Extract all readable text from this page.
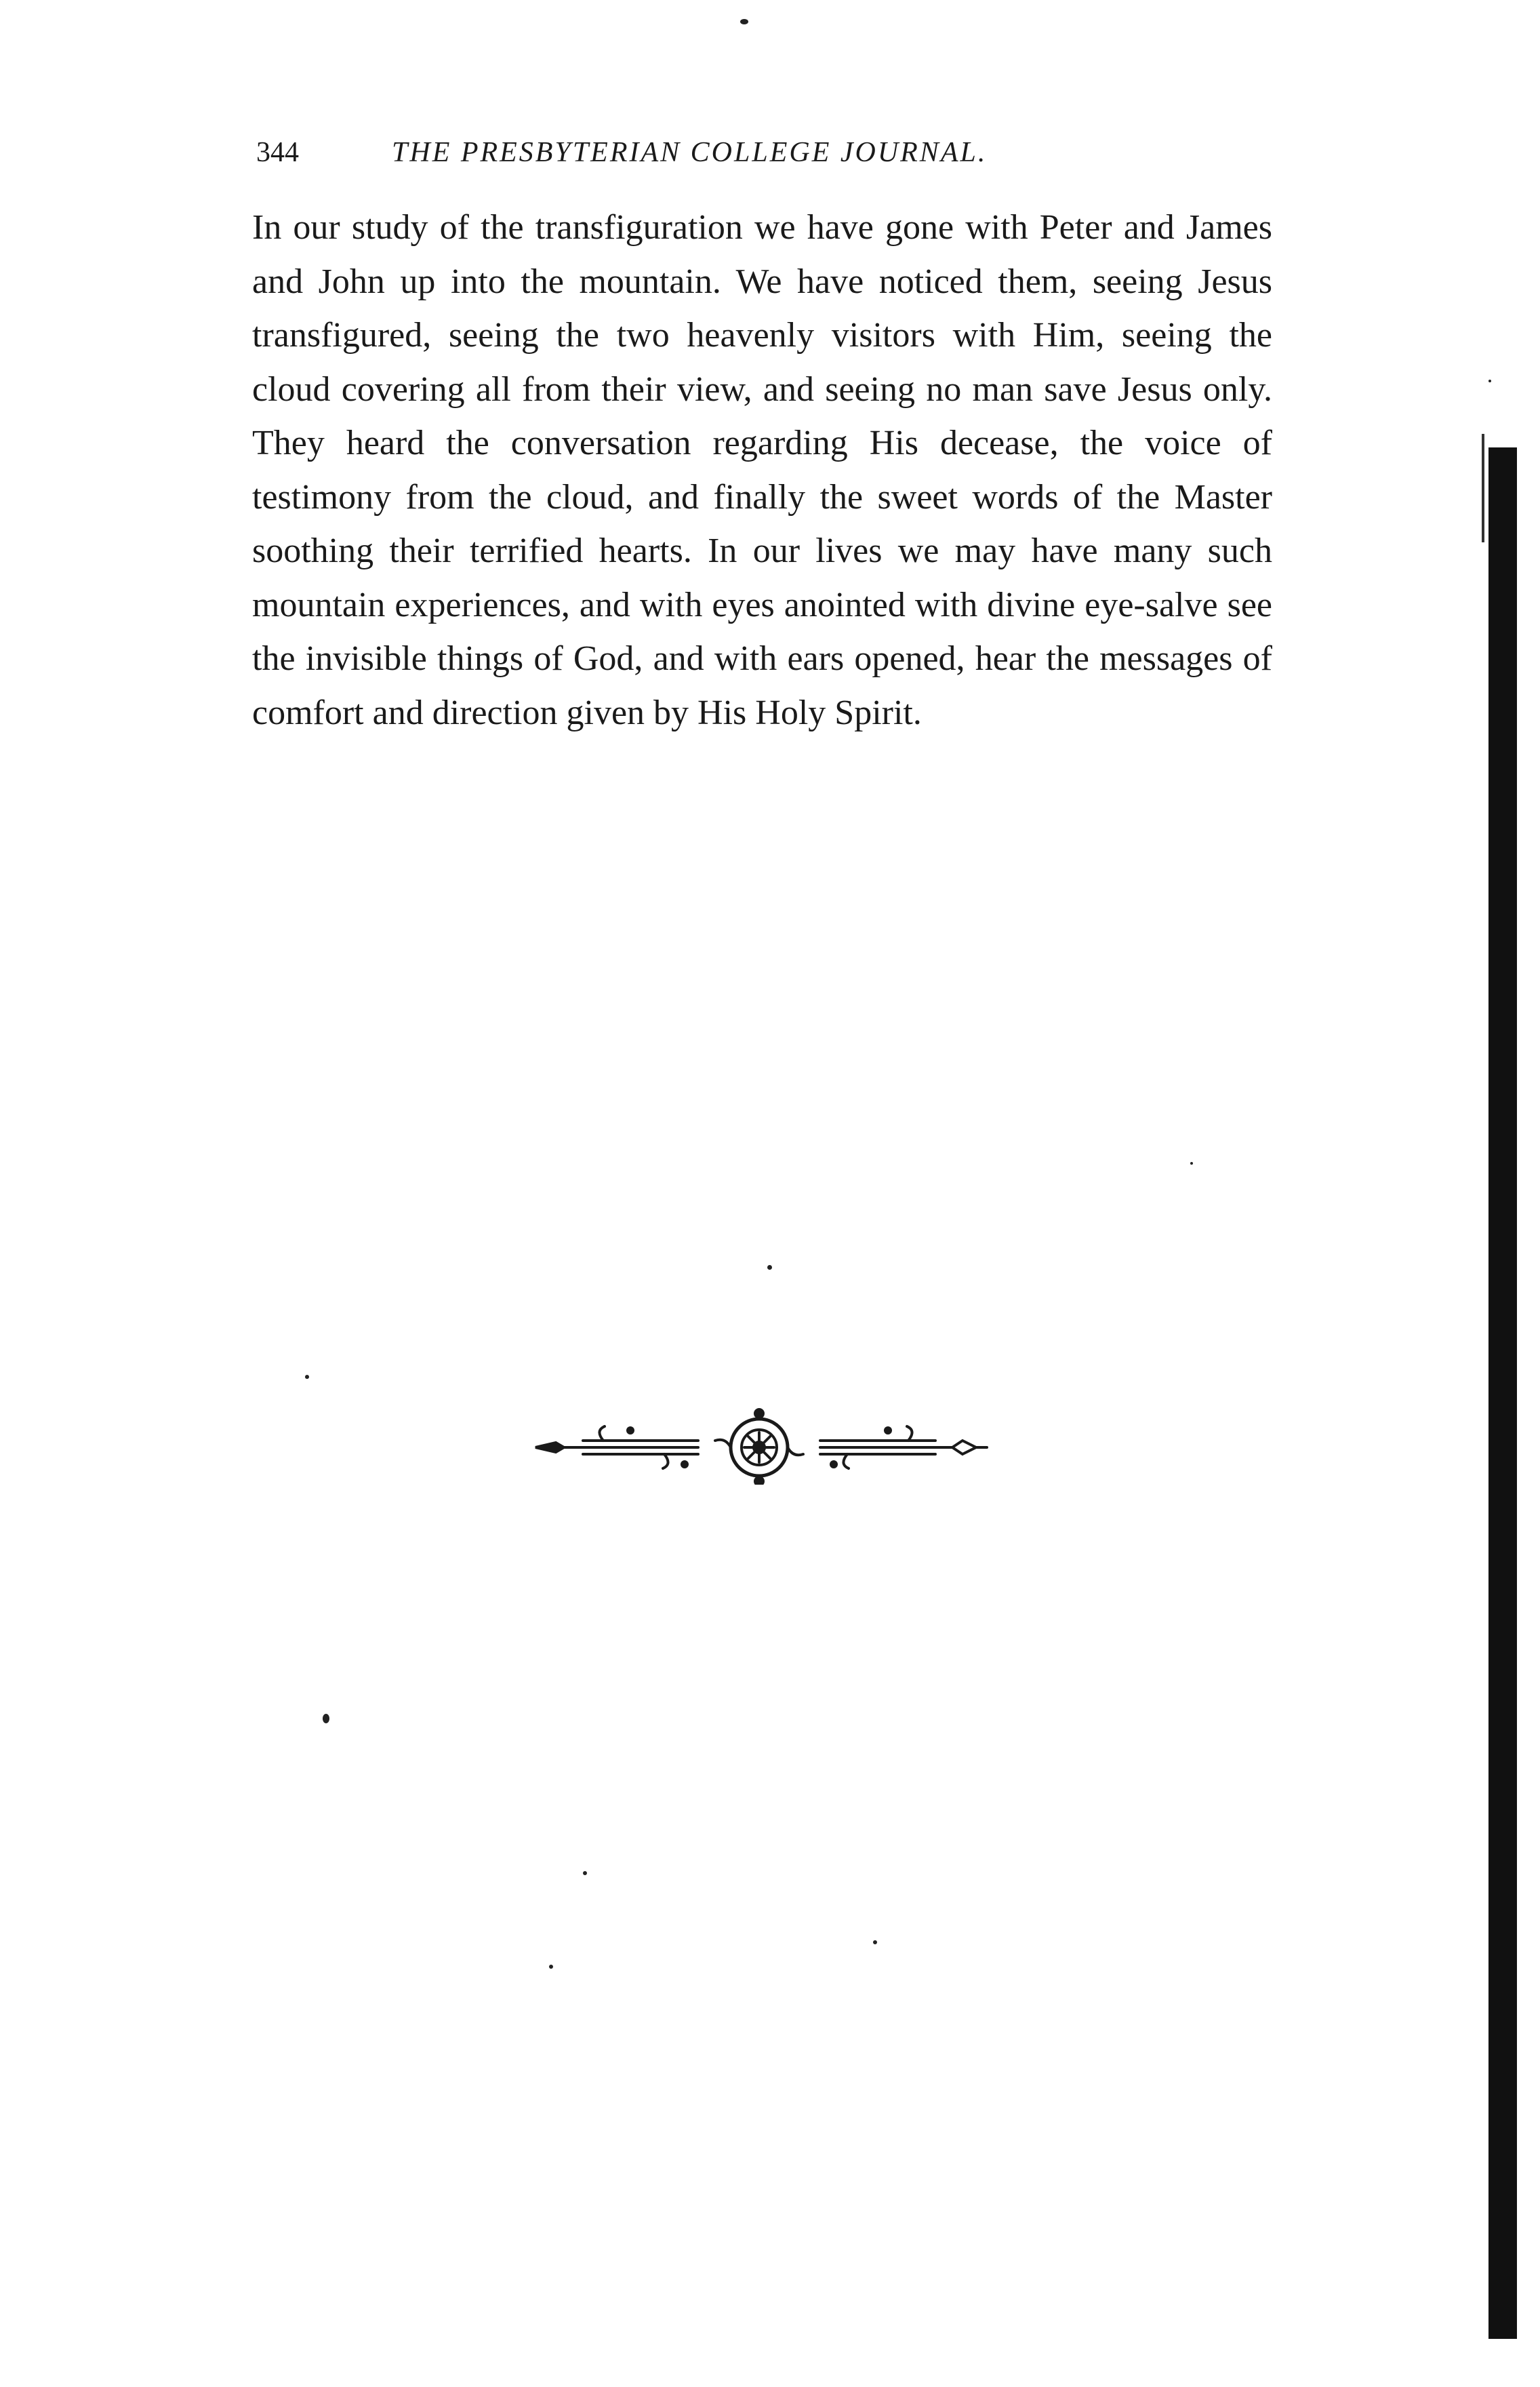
344	THE PRESBYTERIAN COLLEGE JOURNAL.

In our study of the transfiguration we have gone with Peter and James and John up into the mountain. We have noticed them, seeing Jesus transfigured, seeing the two heavenly visitors with Him, seeing the cloud covering all from their view, and seeing no man save Jesus only. They heard the conversation regarding His decease, the voice of testimony from the cloud, and finally the sweet words of the Master soothing their terrified hearts. In our lives we may have many such mountain experiences, and with eyes anointed with divine eye-salve see the invisible things of God, and with ears opened, hear the messages of comfort and direction given by His Holy Spirit.
